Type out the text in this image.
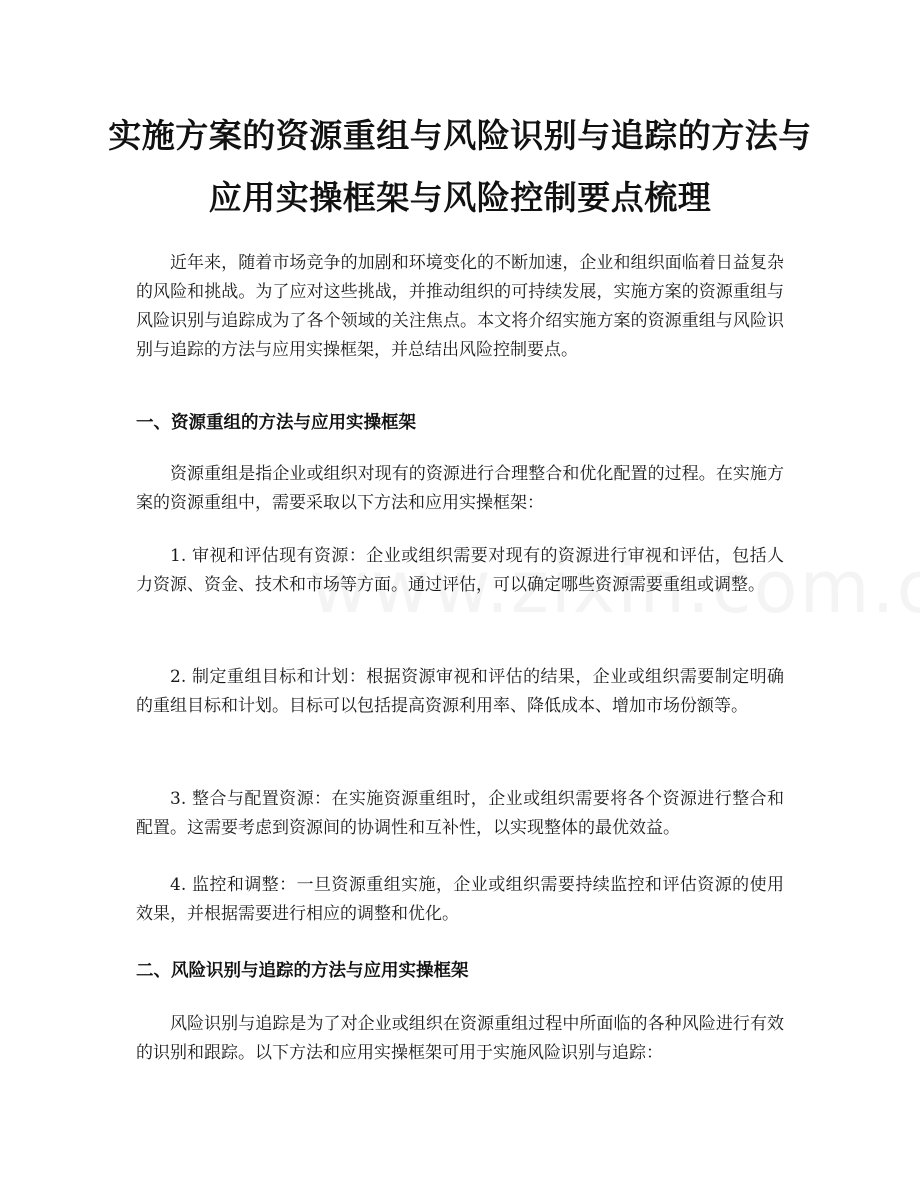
实施方案的资源重组与风险识别与追踪的方法与应用实操框架与风险控制要点梳理

近年来，随着市场竞争的加剧和环境变化的不断加速，企业和组织面临着日益复杂的风险和挑战。为了应对这些挑战，并推动组织的可持续发展，实施方案的资源重组与风险识别与追踪成为了各个领域的关注焦点。本文将介绍实施方案的资源重组与风险识别与追踪的方法与应用实操框架，并总结出风险控制要点。

一、资源重组的方法与应用实操框架

资源重组是指企业或组织对现有的资源进行合理整合和优化配置的过程。在实施方案的资源重组中，需要采取以下方法和应用实操框架：

1. 审视和评估现有资源：企业或组织需要对现有的资源进行审视和评估，包括人力资源、资金、技术和市场等方面。通过评估，可以确定哪些资源需要重组或调整。

2. 制定重组目标和计划：根据资源审视和评估的结果，企业或组织需要制定明确的重组目标和计划。目标可以包括提高资源利用率、降低成本、增加市场份额等。

3. 整合与配置资源：在实施资源重组时，企业或组织需要将各个资源进行整合和配置。这需要考虑到资源间的协调性和互补性，以实现整体的最优效益。

4. 监控和调整：一旦资源重组实施，企业或组织需要持续监控和评估资源的使用效果，并根据需要进行相应的调整和优化。

二、风险识别与追踪的方法与应用实操框架

风险识别与追踪是为了对企业或组织在资源重组过程中所面临的各种风险进行有效的识别和跟踪。以下方法和应用实操框架可用于实施风险识别与追踪：
